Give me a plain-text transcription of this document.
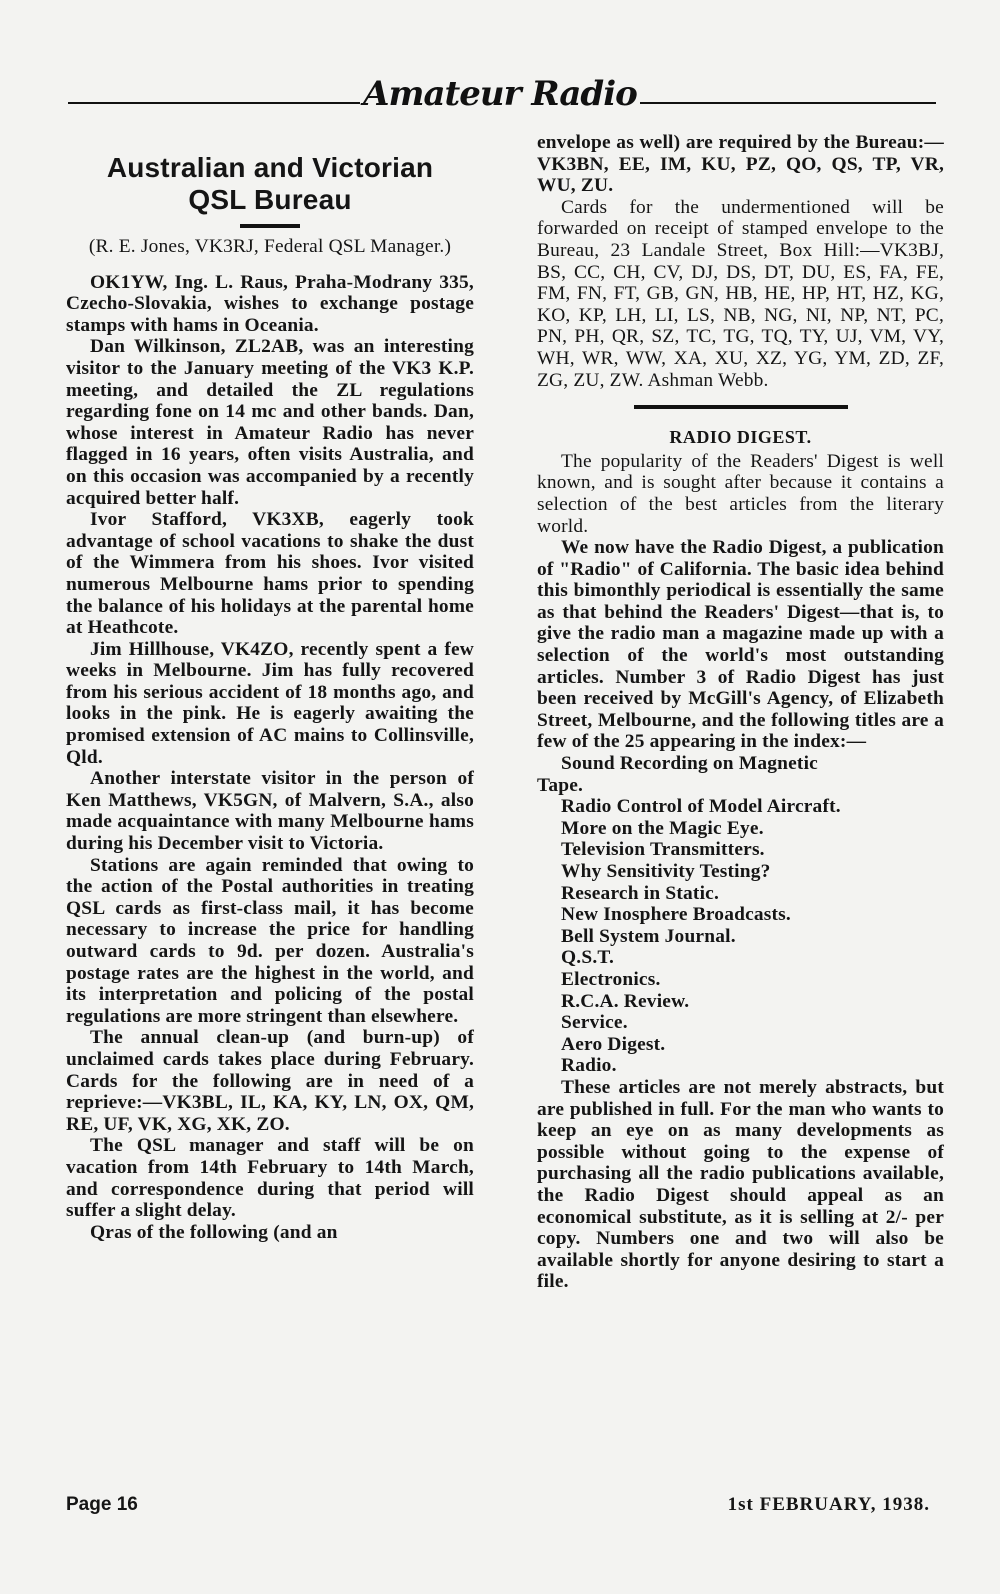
Amateur Radio
Australian and Victorian
QSL Bureau
(R. E. Jones, VK3RJ, Federal QSL Manager.)

OK1YW, Ing. L. Raus, Praha-Modrany 335, Czecho-Slovakia, wishes to exchange postage stamps with hams in Oceania.

Dan Wilkinson, ZL2AB, was an interesting visitor to the January meeting of the VK3 K.P. meeting, and detailed the ZL regulations regarding fone on 14 mc and other bands. Dan, whose interest in Amateur Radio has never flagged in 16 years, often visits Australia, and on this occasion was accompanied by a recently acquired better half.

Ivor Stafford, VK3XB, eagerly took advantage of school vacations to shake the dust of the Wimmera from his shoes. Ivor visited numerous Melbourne hams prior to spending the balance of his holidays at the parental home at Heathcote.

Jim Hillhouse, VK4ZO, recently spent a few weeks in Melbourne. Jim has fully recovered from his serious accident of 18 months ago, and looks in the pink. He is eagerly awaiting the promised extension of AC mains to Collinsville, Qld.

Another interstate visitor in the person of Ken Matthews, VK5GN, of Malvern, S.A., also made acquaintance with many Melbourne hams during his December visit to Victoria.

Stations are again reminded that owing to the action of the Postal authorities in treating QSL cards as first-class mail, it has become necessary to increase the price for handling outward cards to 9d. per dozen. Australia's postage rates are the highest in the world, and its interpretation and policing of the postal regulations are more stringent than elsewhere.

The annual clean-up (and burn-up) of unclaimed cards takes place during February. Cards for the following are in need of a reprieve:—VK3BL, IL, KA, KY, LN, OX, QM, RE, UF, VK, XG, XK, ZO.

The QSL manager and staff will be on vacation from 14th February to 14th March, and correspondence during that period will suffer a slight delay.

Qras of the following (and an

envelope as well) are required by the Bureau:—VK3BN, EE, IM, KU, PZ, QO, QS, TP, VR, WU, ZU.

Cards for the undermentioned will be forwarded on receipt of stamped envelope to the Bureau, 23 Landale Street, Box Hill:—VK3BJ, BS, CC, CH, CV, DJ, DS, DT, DU, ES, FA, FE, FM, FN, FT, GB, GN, HB, HE, HP, HT, HZ, KG, KO, KP, LH, LI, LS, NB, NG, NI, NP, NT, PC, PN, PH, QR, SZ, TC, TG, TQ, TY, UJ, VM, VY, WH, WR, WW, XA, XU, XZ, YG, YM, ZD, ZF, ZG, ZU, ZW. Ashman Webb.

RADIO DIGEST.

The popularity of the Readers' Digest is well known, and is sought after because it contains a selection of the best articles from the literary world.

We now have the Radio Digest, a publication of "Radio" of California. The basic idea behind this bimonthly periodical is essentially the same as that behind the Readers' Digest—that is, to give the radio man a magazine made up with a selection of the world's most outstanding articles. Number 3 of Radio Digest has just been received by McGill's Agency, of Elizabeth Street, Melbourne, and the following titles are a few of the 25 appearing in the index:—

Sound Recording on Magnetic
Tape.
Radio Control of Model Aircraft.
More on the Magic Eye.
Television Transmitters.
Why Sensitivity Testing?
Research in Static.
New Inosphere Broadcasts.
Bell System Journal.
Q.S.T.
Electronics.
R.C.A. Review.
Service.
Aero Digest.
Radio.

These articles are not merely abstracts, but are published in full. For the man who wants to keep an eye on as many developments as possible without going to the expense of purchasing all the radio publications available, the Radio Digest should appeal as an economical substitute, as it is selling at 2/- per copy. Numbers one and two will also be available shortly for anyone desiring to start a file.

Page 16	1st FEBRUARY, 1938.
